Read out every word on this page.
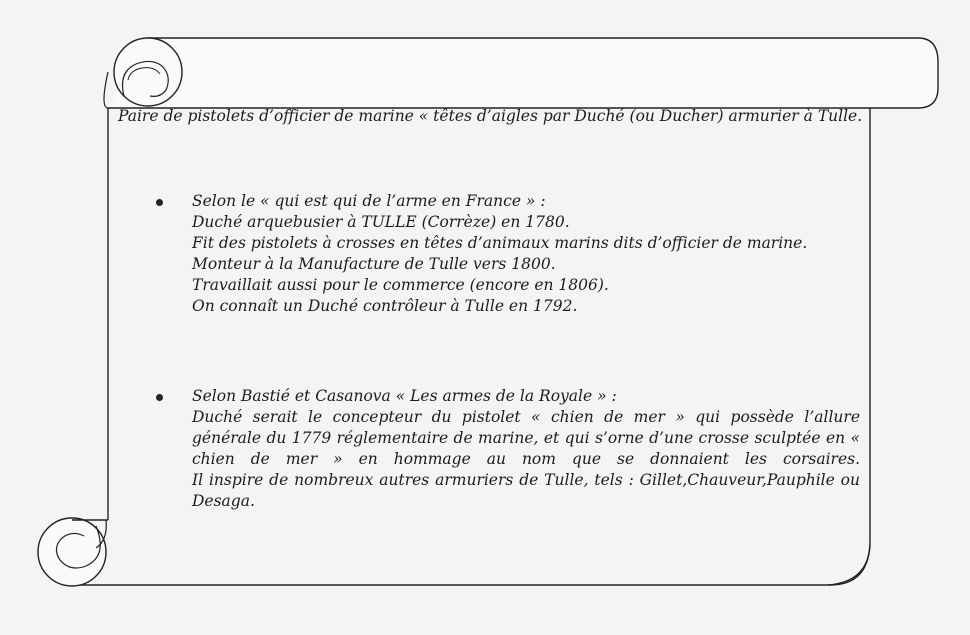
Paire de pistolets d’officier de marine « têtes d’aigles par Duché (ou Ducher) armurier à Tulle.
Selon le « qui est qui de l’arme en France » :
Duché arquebusier à TULLE (Corrèze) en 1780.
Fit des pistolets à crosses en têtes d’animaux marins dits d’officier de marine.
Monteur à la Manufacture de Tulle vers 1800.
Travaillait aussi pour le commerce (encore en 1806).
On connaît un Duché contrôleur à Tulle en 1792.
Selon Bastié et Casanova « Les armes de la Royale » :
Duché serait le concepteur du pistolet « chien de mer » qui possède l’allure générale du 1779 réglementaire de marine, et qui s’orne d’une crosse sculptée en « chien de mer » en hommage au nom que se donnaient les corsaires.
Il inspire de nombreux autres armuriers de Tulle, tels : Gillet,Chauveur,Pauphile ou Desaga.
